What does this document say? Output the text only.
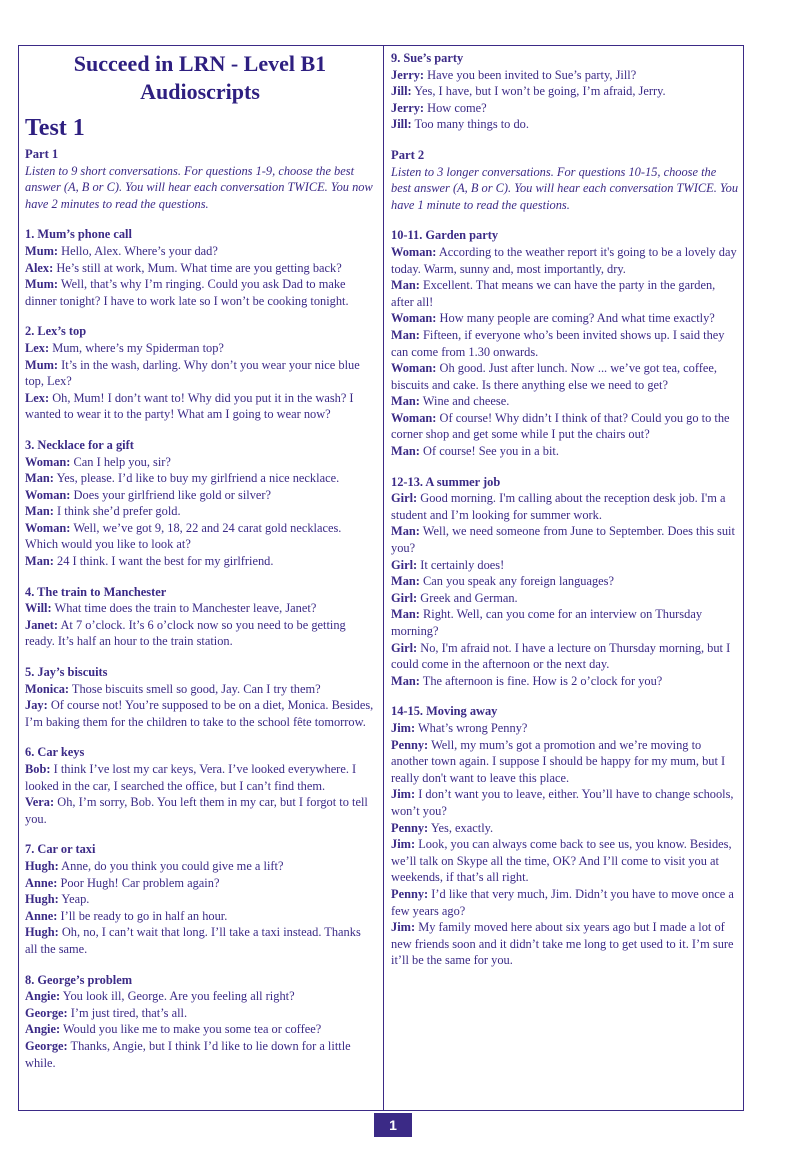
Succeed in LRN - Level B1
Audioscripts
Test 1
Part 1
Listen to 9 short conversations. For questions 1-9, choose the best answer (A, B or C). You will hear each conversation TWICE. You now have 2 minutes to read the questions.
1. Mum’s phone call
Mum: Hello, Alex. Where’s your dad?
Alex: He’s still at work, Mum. What time are you getting back?
Mum: Well, that’s why I’m ringing. Could you ask Dad to make dinner tonight? I have to work late so I won’t be cooking tonight.
2. Lex’s top
Lex: Mum, where’s my Spiderman top?
Mum: It’s in the wash, darling. Why don’t you wear your nice blue top, Lex?
Lex: Oh, Mum! I don’t want to! Why did you put it in the wash? I wanted to wear it to the party! What am I going to wear now?
3. Necklace for a gift
Woman: Can I help you, sir?
Man: Yes, please. I’d like to buy my girlfriend a nice necklace.
Woman: Does your girlfriend like gold or silver?
Man: I think she’d prefer gold.
Woman: Well, we’ve got 9, 18, 22 and 24 carat gold necklaces. Which would you like to look at?
Man: 24 I think. I want the best for my girlfriend.
4. The train to Manchester
Will: What time does the train to Manchester leave, Janet?
Janet: At 7 o’clock. It’s 6 o’clock now so you need to be getting ready. It’s half an hour to the train station.
5. Jay’s biscuits
Monica: Those biscuits smell so good, Jay. Can I try them?
Jay: Of course not! You’re supposed to be on a diet, Monica. Besides, I’m baking them for the children to take to the school fête tomorrow.
6. Car keys
Bob: I think I’ve lost my car keys, Vera. I’ve looked everywhere. I looked in the car, I searched the office, but I can’t find them.
Vera: Oh, I’m sorry, Bob. You left them in my car, but I forgot to tell you.
7. Car or taxi
Hugh: Anne, do you think you could give me a lift?
Anne: Poor Hugh! Car problem again?
Hugh: Yeap.
Anne: I’ll be ready to go in half an hour.
Hugh: Oh, no, I can’t wait that long. I’ll take a taxi instead. Thanks all the same.
8. George’s problem
Angie: You look ill, George. Are you feeling all right?
George: I’m just tired, that’s all.
Angie: Would you like me to make you some tea or coffee?
George: Thanks, Angie, but I think I’d like to lie down for a little while.
9. Sue’s party
Jerry: Have you been invited to Sue’s party, Jill?
Jill: Yes, I have, but I won’t be going, I’m afraid, Jerry.
Jerry: How come?
Jill: Too many things to do.
Part 2
Listen to 3 longer conversations. For questions 10-15, choose the best answer (A, B or C). You will hear each conversation TWICE. You have 1 minute to read the questions.
10-11. Garden party
Woman: According to the weather report it's going to be a lovely day today. Warm, sunny and, most importantly, dry.
Man: Excellent. That means we can have the party in the garden, after all!
Woman: How many people are coming? And what time exactly?
Man: Fifteen, if everyone who’s been invited shows up. I said they can come from 1.30 onwards.
Woman: Oh good. Just after lunch. Now ... we’ve got tea, coffee, biscuits and cake. Is there anything else we need to get?
Man: Wine and cheese.
Woman: Of course! Why didn’t I think of that? Could you go to the corner shop and get some while I put the chairs out?
Man: Of course! See you in a bit.
12-13. A summer job
Girl: Good morning. I'm calling about the reception desk job. I'm a student and I’m looking for summer work.
Man: Well, we need someone from June to September. Does this suit you?
Girl: It certainly does!
Man: Can you speak any foreign languages?
Girl: Greek and German.
Man: Right. Well, can you come for an interview on Thursday morning?
Girl: No, I'm afraid not. I have a lecture on Thursday morning, but I could come in the afternoon or the next day.
Man: The afternoon is fine. How is 2 o’clock for you?
14-15. Moving away
Jim: What’s wrong Penny?
Penny: Well, my mum’s got a promotion and we’re moving to another town again. I suppose I should be happy for my mum, but I really don't want to leave this place.
Jim: I don’t want you to leave, either. You’ll have to change schools, won’t you?
Penny: Yes, exactly.
Jim: Look, you can always come back to see us, you know. Besides, we’ll talk on Skype all the time, OK? And I’ll come to visit you at weekends, if that’s all right.
Penny: I’d like that very much, Jim. Didn’t you have to move once a few years ago?
Jim: My family moved here about six years ago but I made a lot of new friends soon and it didn’t take me long to get used to it. I’m sure it’ll be the same for you.
1
